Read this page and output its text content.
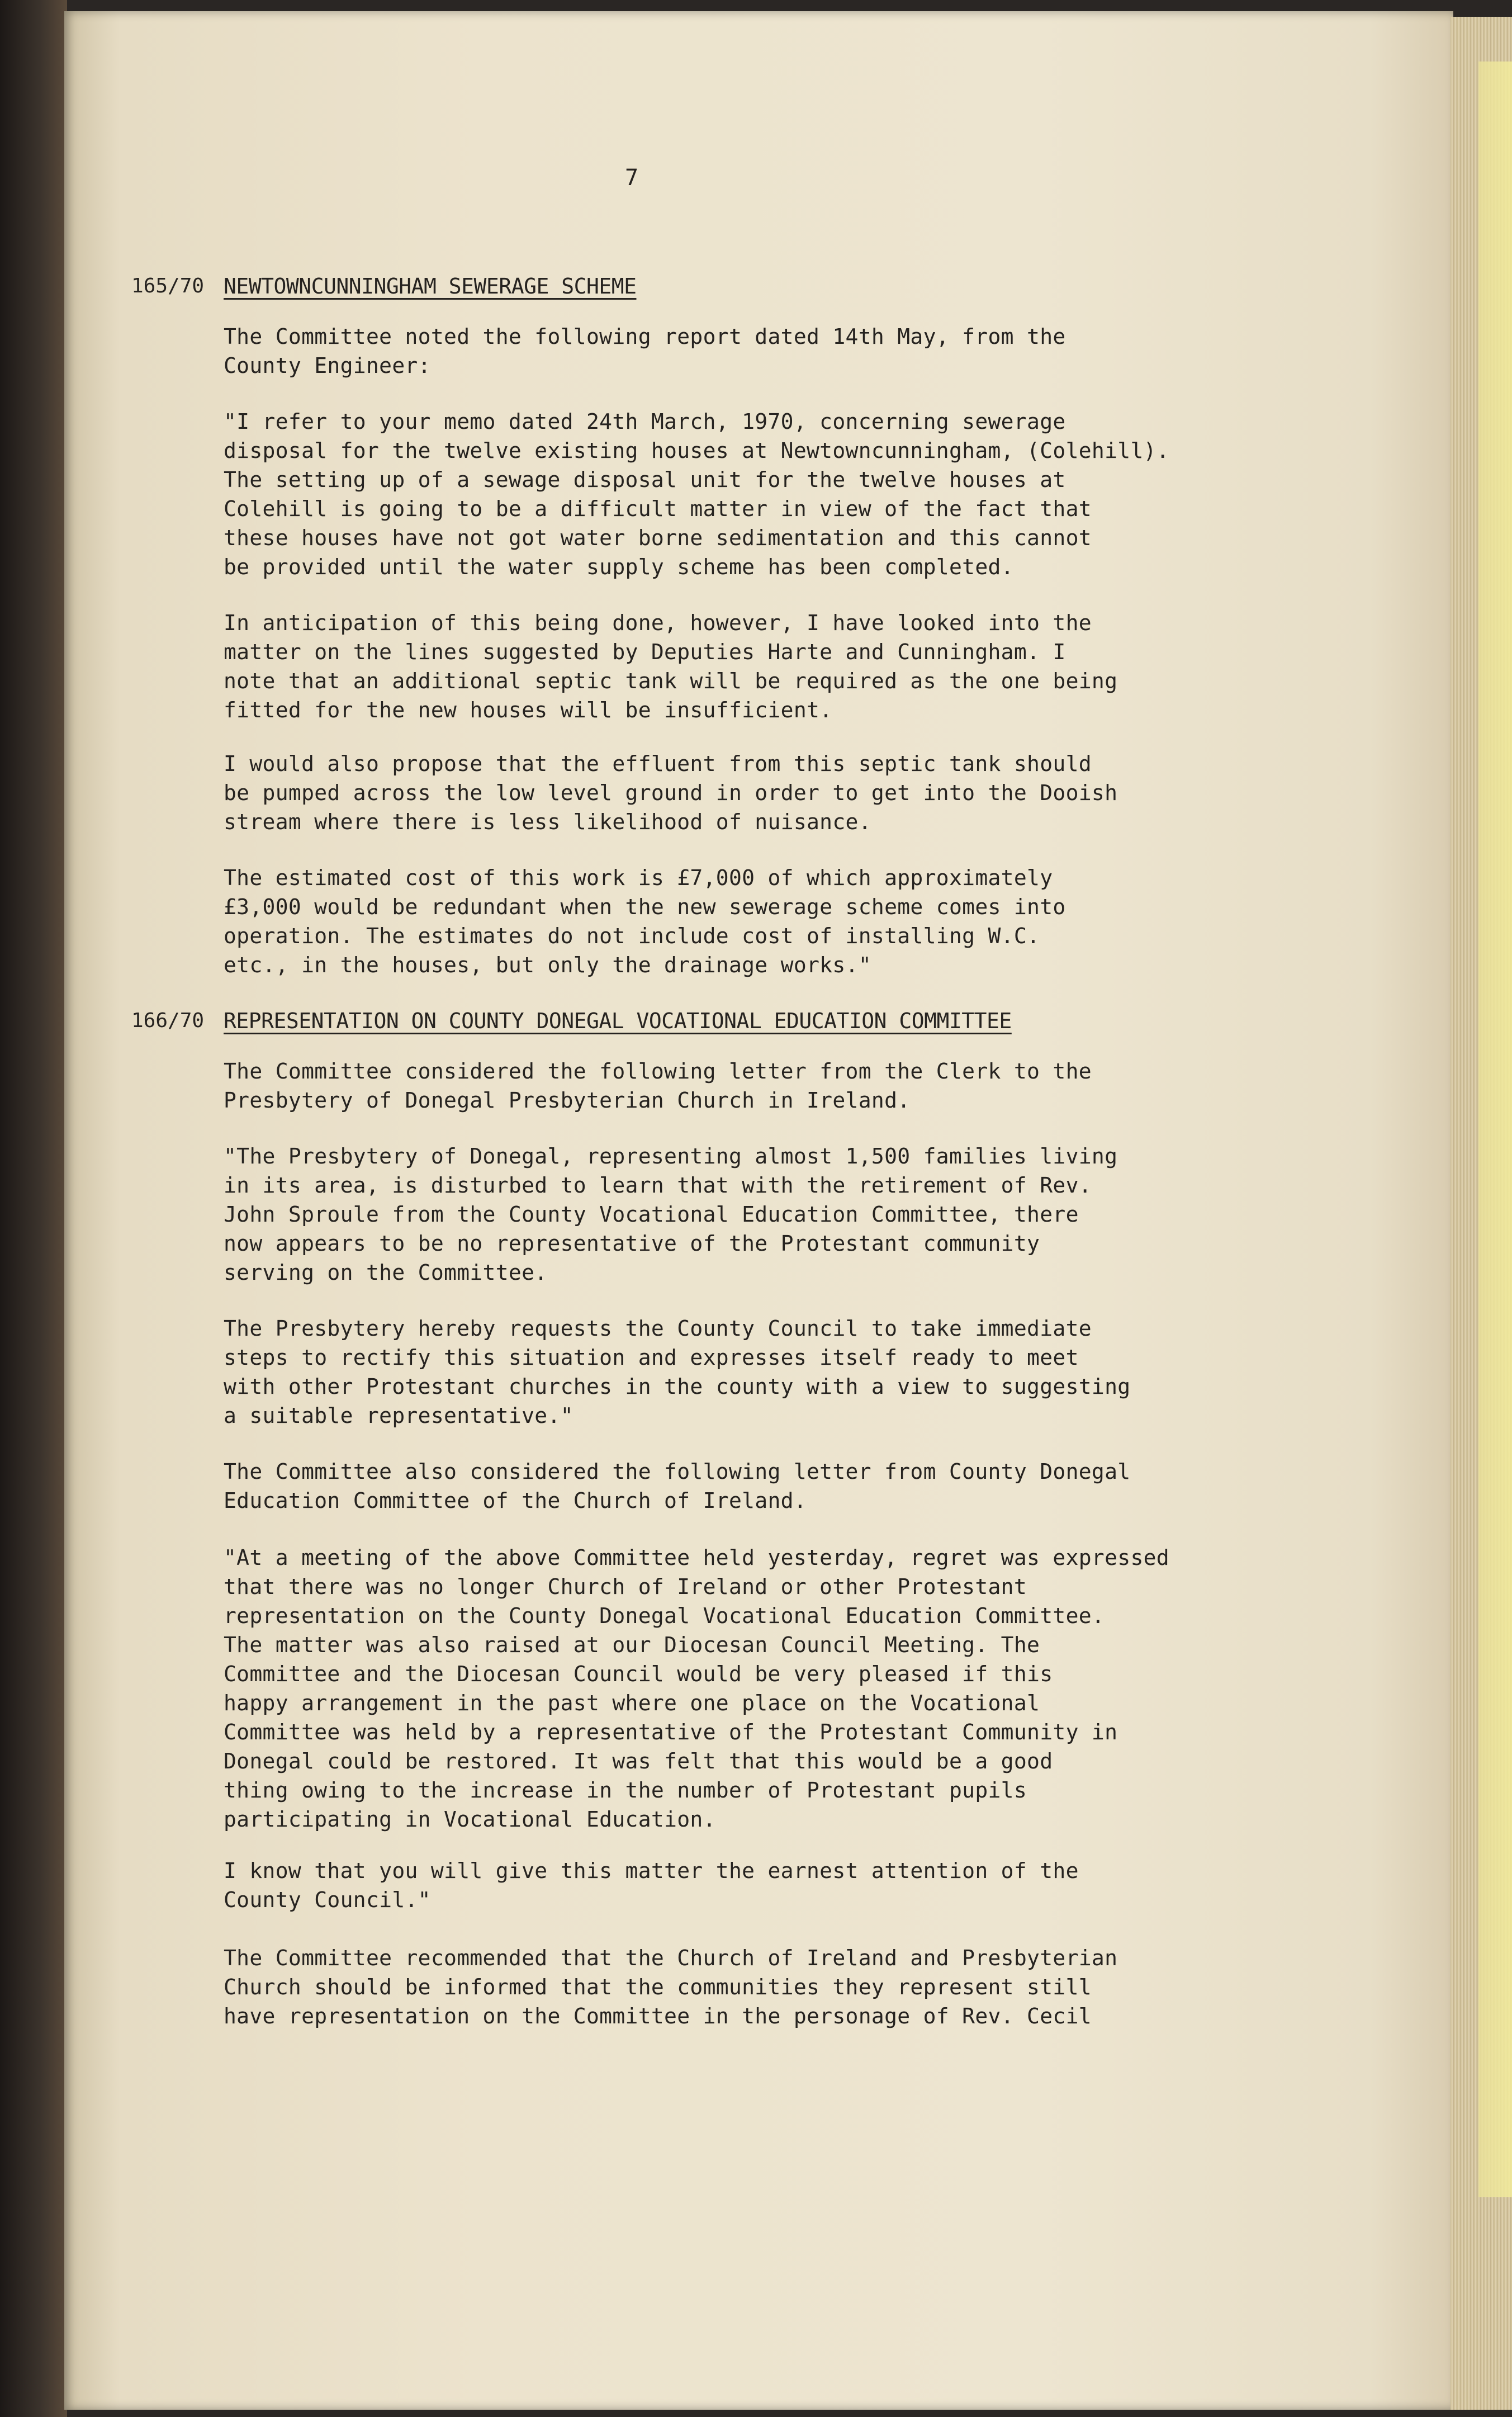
7
165/70 NEWTOWNCUNNINGHAM SEWERAGE SCHEME
The Committee noted the following report dated 14th May, from the
County Engineer:
"I refer to your memo dated 24th March, 1970, concerning sewerage
disposal for the twelve existing houses at Newtowncunningham, (Colehill).
The setting up of a sewage disposal unit for the twelve houses at
Colehill is going to be a difficult matter in view of the fact that
these houses have not got water borne sedimentation and this cannot
be provided until the water supply scheme has been completed.
In anticipation of this being done, however, I have looked into the
matter on the lines suggested by Deputies Harte and Cunningham. I
note that an additional septic tank will be required as the one being
fitted for the new houses will be insufficient.
I would also propose that the effluent from this septic tank should
be pumped across the low level ground in order to get into the Dooish
stream where there is less likelihood of nuisance.
The estimated cost of this work is £7,000 of which approximately
£3,000 would be redundant when the new sewerage scheme comes into
operation. The estimates do not include cost of installing W.C.
etc., in the houses, but only the drainage works."
166/70 REPRESENTATION ON COUNTY DONEGAL VOCATIONAL EDUCATION COMMITTEE
The Committee considered the following letter from the Clerk to the
Presbytery of Donegal Presbyterian Church in Ireland.
"The Presbytery of Donegal, representing almost 1,500 families living
in its area, is disturbed to learn that with the retirement of Rev.
John Sproule from the County Vocational Education Committee, there
now appears to be no representative of the Protestant community
serving on the Committee.
The Presbytery hereby requests the County Council to take immediate
steps to rectify this situation and expresses itself ready to meet
with other Protestant churches in the county with a view to suggesting
a suitable representative."
The Committee also considered the following letter from County Donegal
Education Committee of the Church of Ireland.
"At a meeting of the above Committee held yesterday, regret was expressed
that there was no longer Church of Ireland or other Protestant
representation on the County Donegal Vocational Education Committee.
The matter was also raised at our Diocesan Council Meeting. The
Committee and the Diocesan Council would be very pleased if this
happy arrangement in the past where one place on the Vocational
Committee was held by a representative of the Protestant Community in
Donegal could be restored. It was felt that this would be a good
thing owing to the increase in the number of Protestant pupils
participating in Vocational Education.
I know that you will give this matter the earnest attention of the
County Council."
The Committee recommended that the Church of Ireland and Presbyterian
Church should be informed that the communities they represent still
have representation on the Committee in the personage of Rev. Cecil
